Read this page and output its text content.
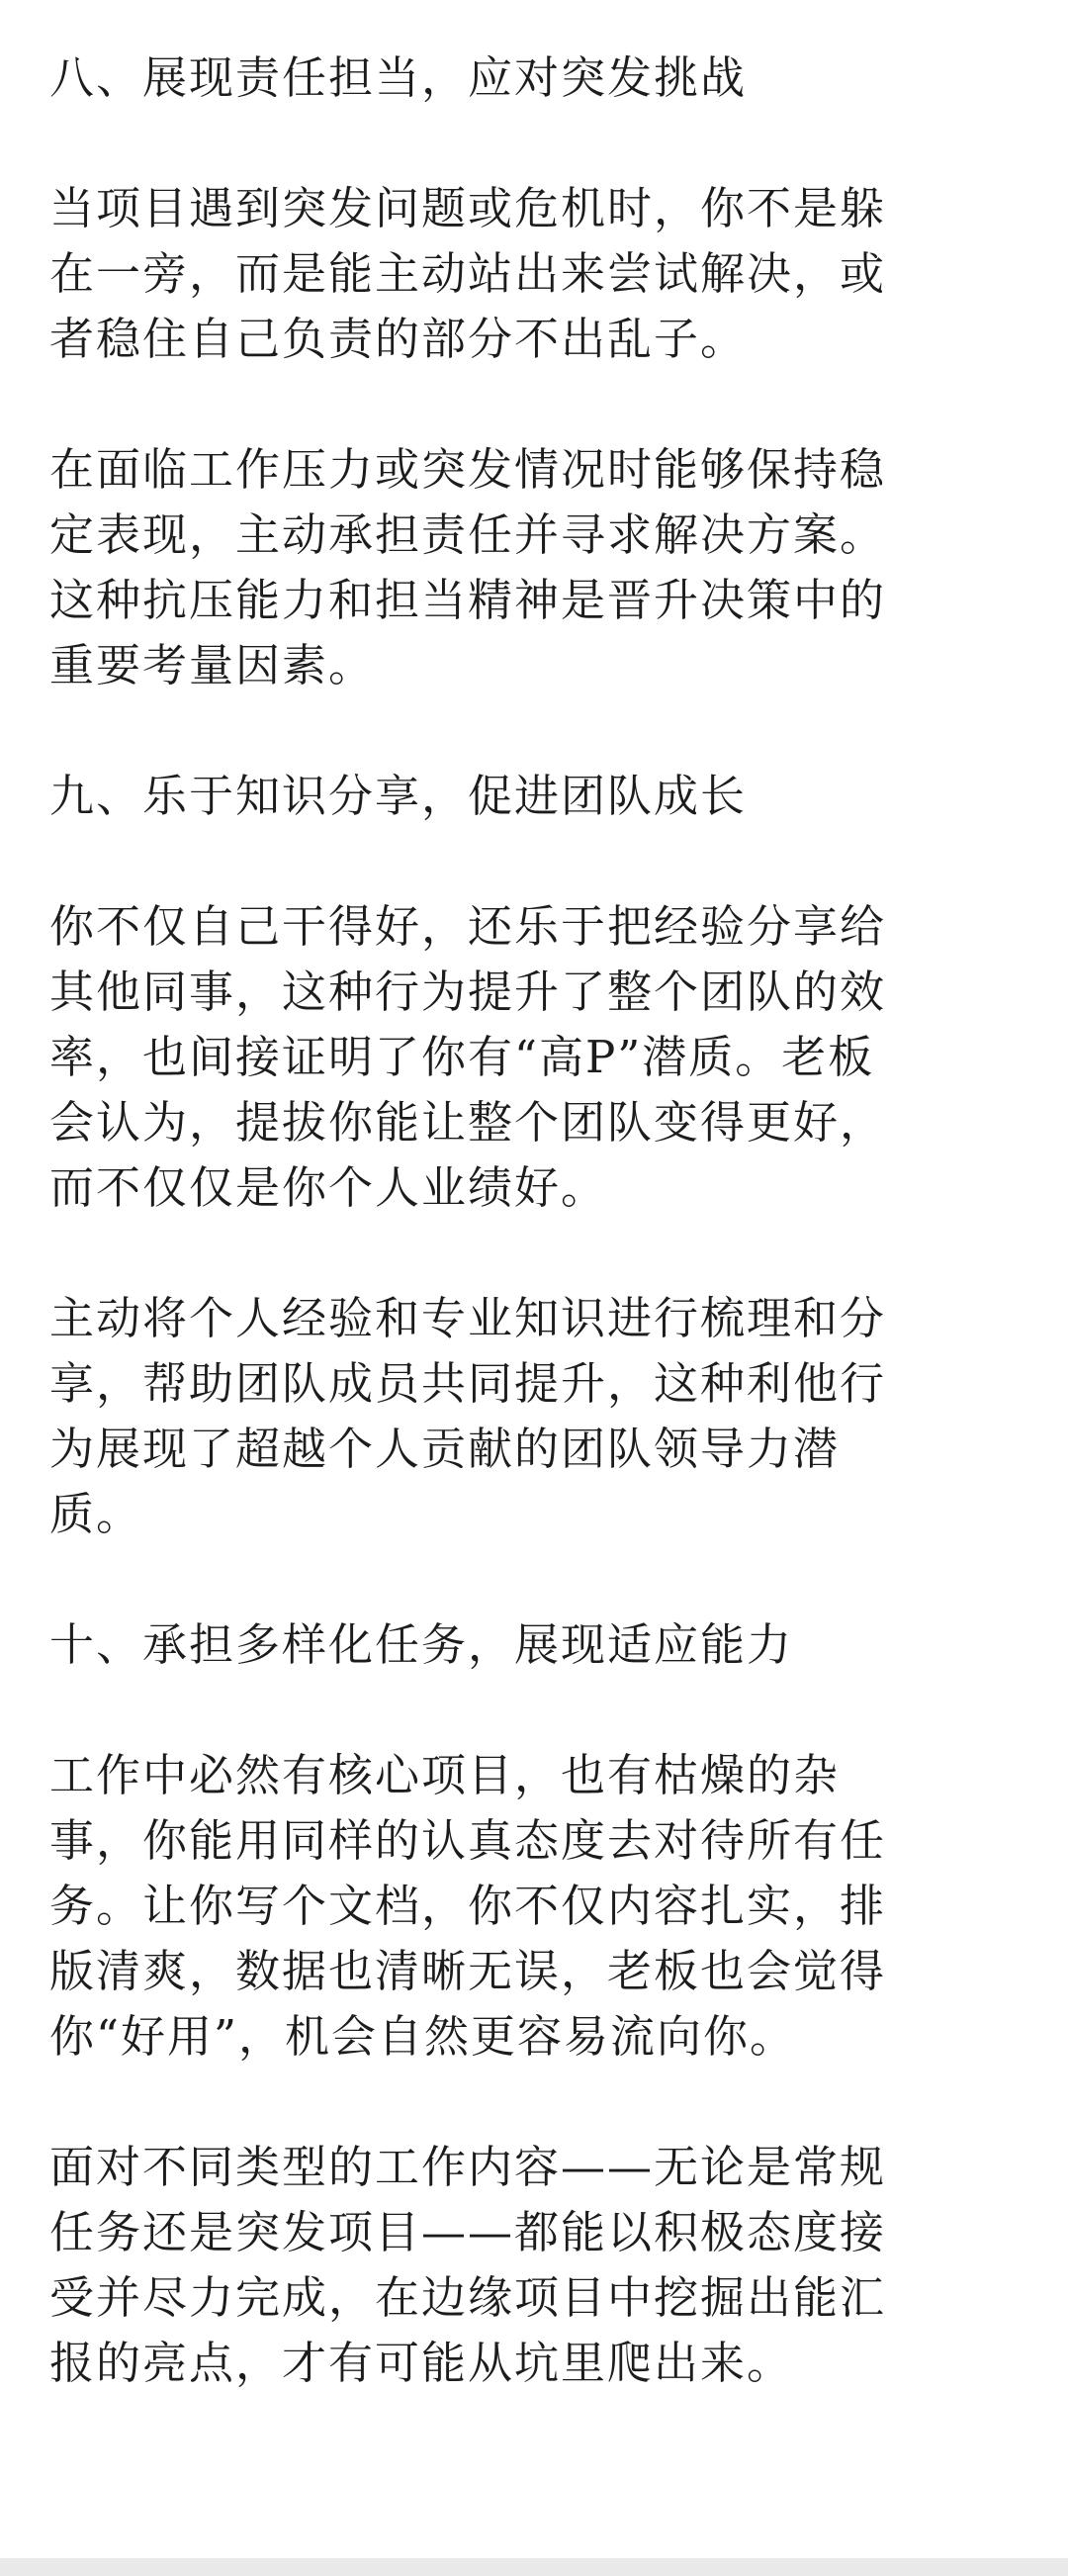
八、展现责任担当，应对突发挑战
当项目遇到突发问题或危机时，你不是躲
在一旁，而是能主动站出来尝试解决，或
者稳住自己负责的部分不出乱子。
在面临工作压力或突发情况时能够保持稳
定表现，主动承担责任并寻求解决方案。
这种抗压能力和担当精神是晋升决策中的
重要考量因素。
九、乐于知识分享，促进团队成长
你不仅自己干得好，还乐于把经验分享给
其他同事，这种行为提升了整个团队的效
率，也间接证明了你有“高P”潜质。老板
会认为，提拔你能让整个团队变得更好，
而不仅仅是你个人业绩好。
主动将个人经验和专业知识进行梳理和分
享，帮助团队成员共同提升，这种利他行
为展现了超越个人贡献的团队领导力潜
质。
十、承担多样化任务，展现适应能力
工作中必然有核心项目，也有枯燥的杂
事，你能用同样的认真态度去对待所有任
务。让你写个文档，你不仅内容扎实，排
版清爽，数据也清晰无误，老板也会觉得
你“好用”，机会自然更容易流向你。
面对不同类型的工作内容——无论是常规
任务还是突发项目——都能以积极态度接
受并尽力完成，在边缘项目中挖掘出能汇
报的亮点，才有可能从坑里爬出来。
